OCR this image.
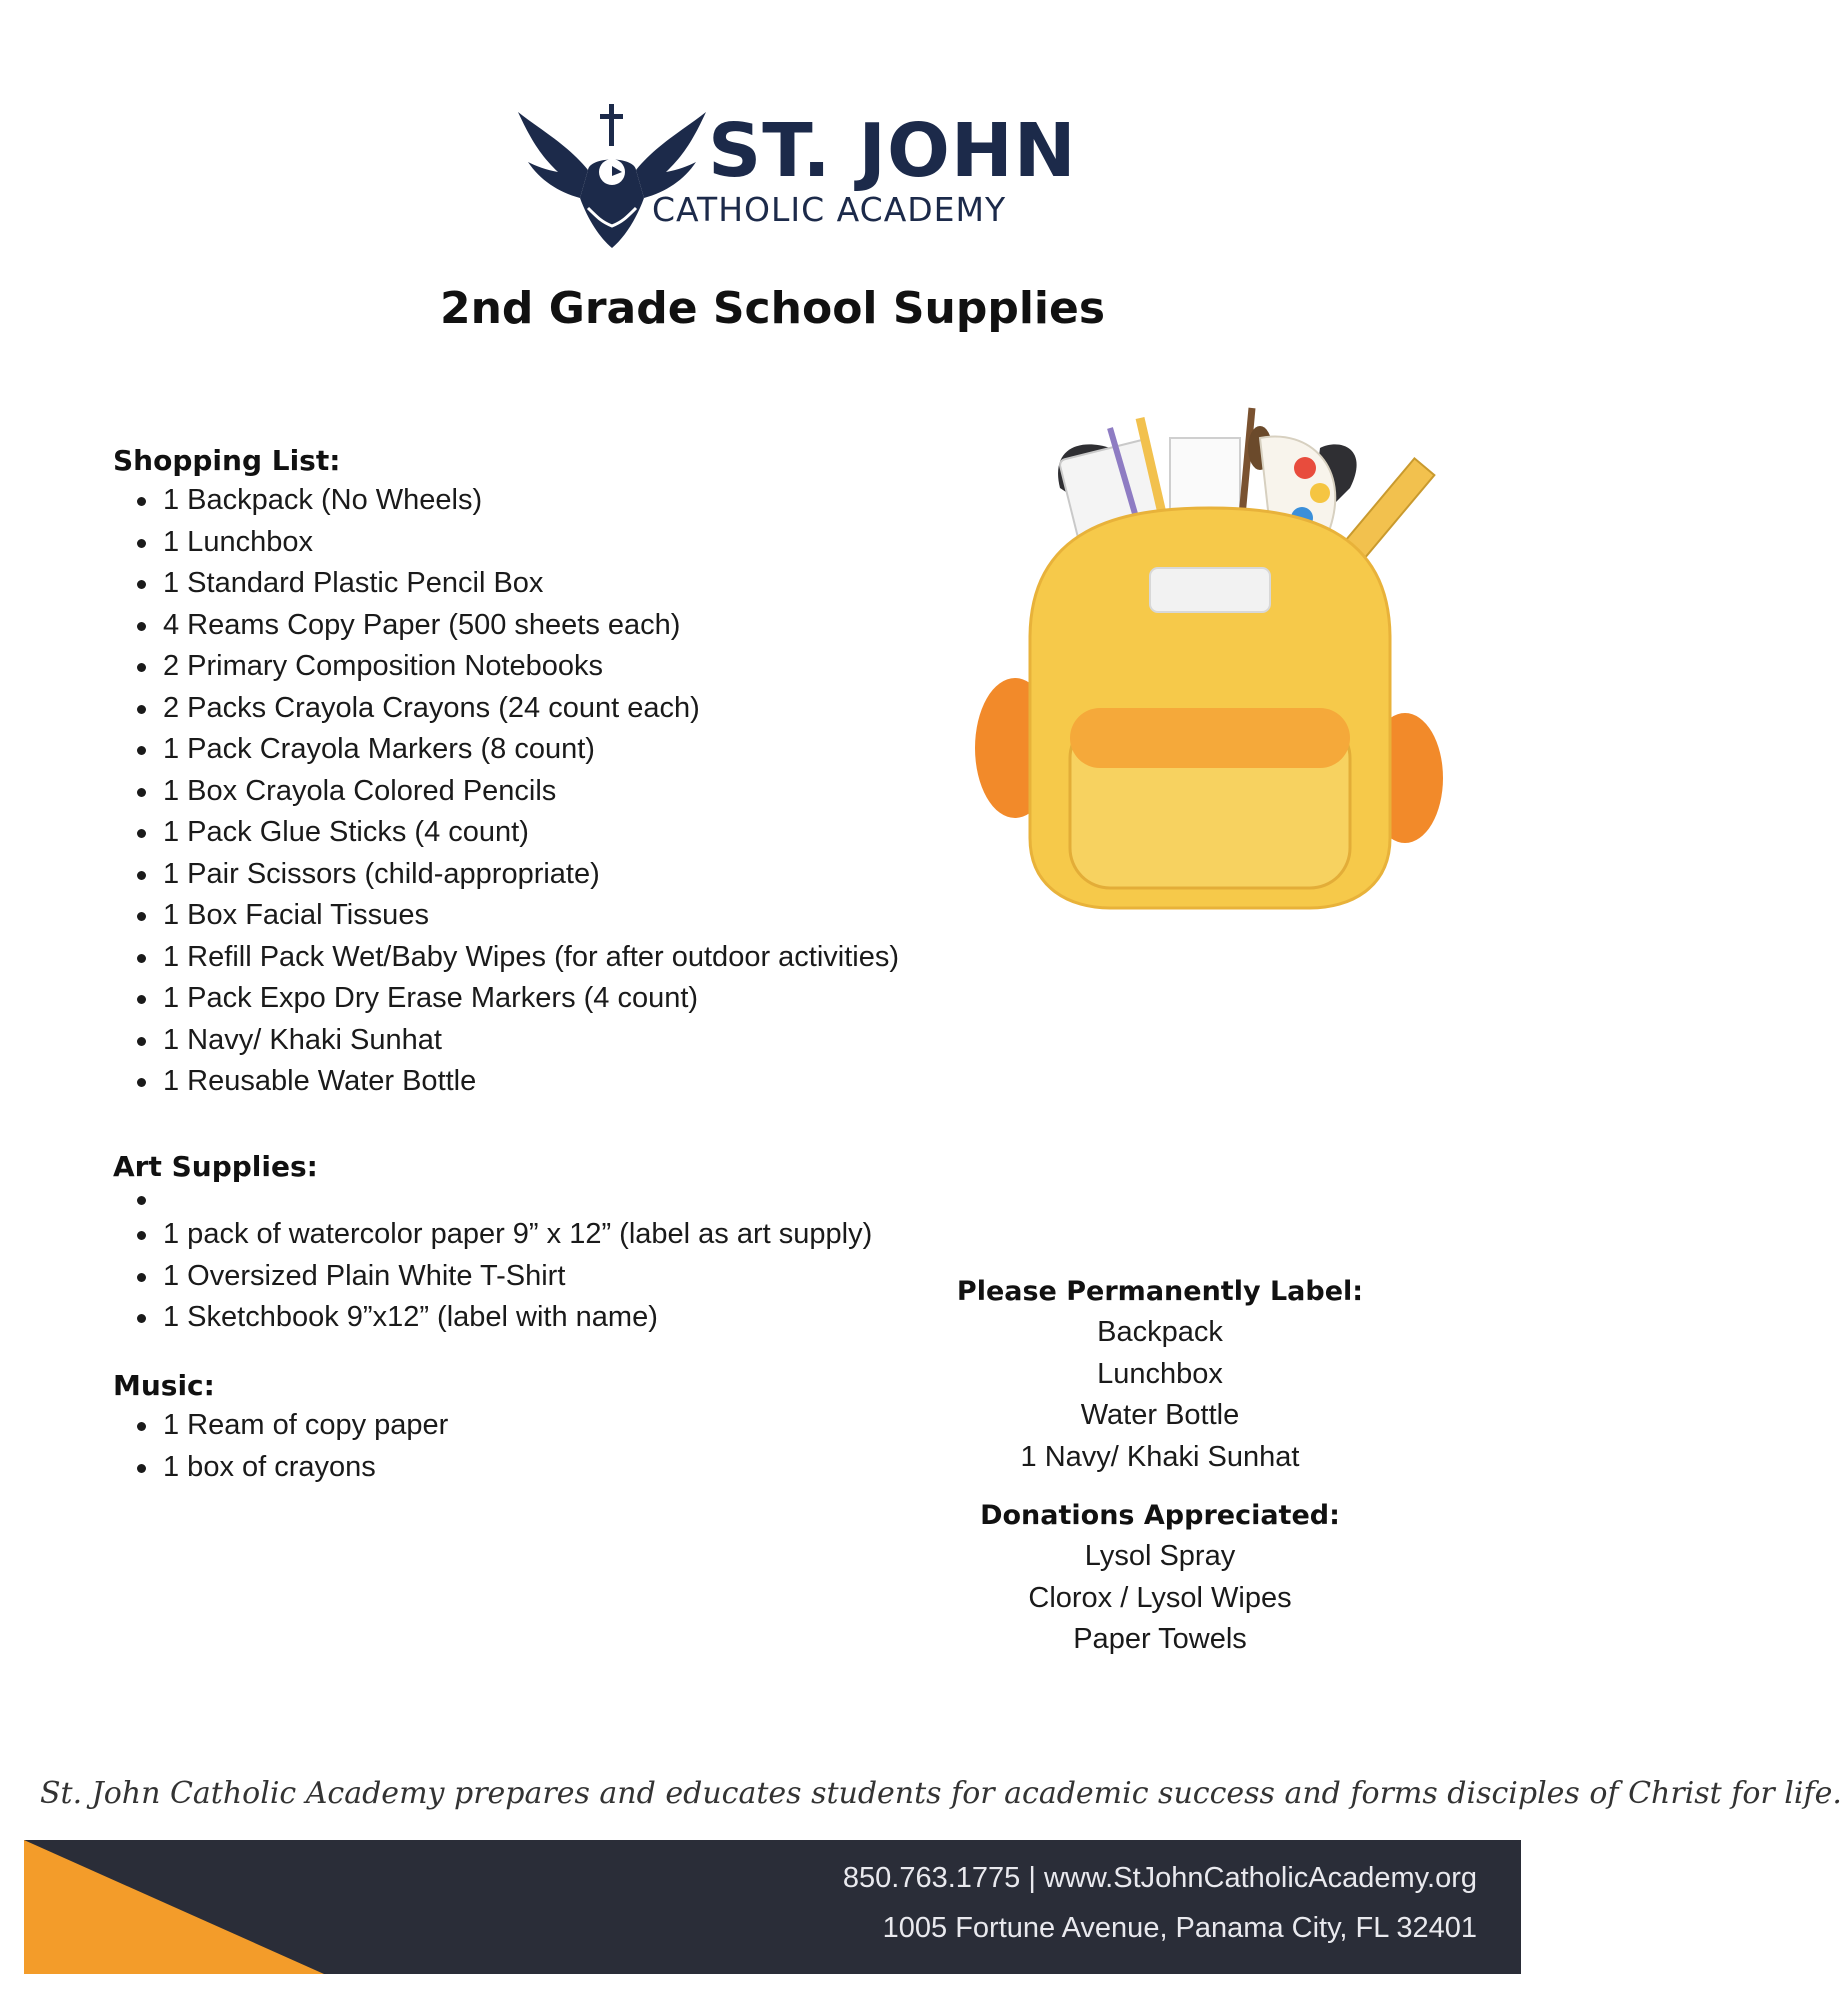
ST. JOHN
CATHOLIC ACADEMY
2nd Grade School Supplies
Shopping List:
1 Backpack (No Wheels)
1 Lunchbox
1 Standard Plastic Pencil Box
4 Reams Copy Paper (500 sheets each)
2 Primary Composition Notebooks
2 Packs Crayola Crayons (24 count each)
1 Pack Crayola Markers (8 count)
1 Box Crayola Colored Pencils
1 Pack Glue Sticks (4 count)
1 Pair Scissors (child-appropriate)
1 Box Facial Tissues
1 Refill Pack Wet/Baby Wipes (for after outdoor activities)
1 Pack Expo Dry Erase Markers (4 count)
1 Navy/ Khaki Sunhat
1 Reusable Water Bottle
Art Supplies:
1 pack of watercolor paper 9” x 12” (label as art supply)
1 Oversized Plain White T-Shirt
1 Sketchbook 9”x12” (label with name)
Music:
1 Ream of copy paper
1 box of crayons
Please Permanently Label:
Backpack
Lunchbox
Water Bottle
1 Navy/ Khaki Sunhat
Donations Appreciated:
Lysol Spray
Clorox / Lysol Wipes
Paper Towels
St. John Catholic Academy prepares and educates students for academic success and forms disciples of Christ for life.
850.763.1775 | www.StJohnCatholicAcademy.org
1005 Fortune Avenue, Panama City, FL 32401
